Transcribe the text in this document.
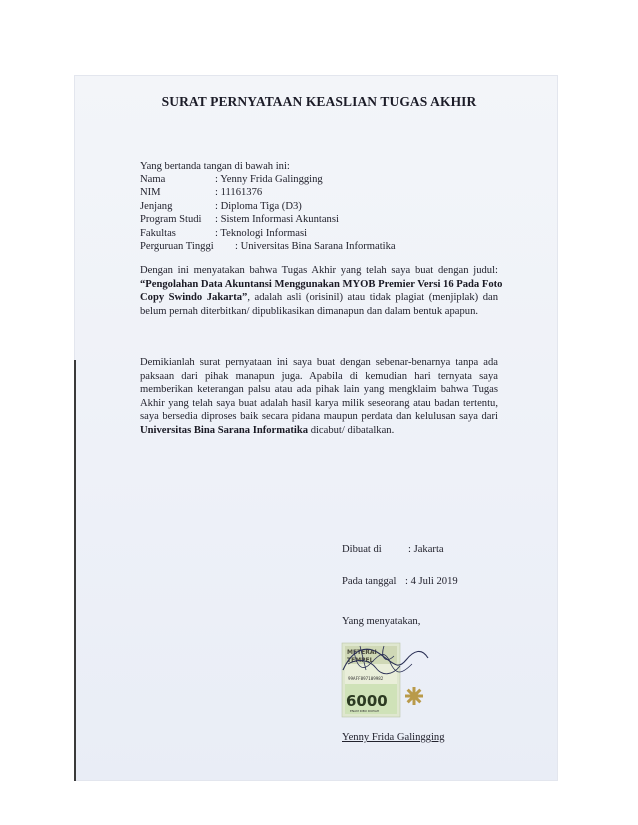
SURAT PERNYATAAN KEASLIAN TUGAS AKHIR
Yang bertanda tangan di bawah ini:
Nama	: Yenny Frida Galingging
NIM	: 11161376
Jenjang	: Diploma Tiga (D3)
Program Studi : Sistem Informasi Akuntansi
Fakultas	: Teknologi Informasi
Perguruan Tinggi : Universitas Bina Sarana Informatika
Dengan ini menyatakan bahwa Tugas Akhir yang telah saya buat dengan judul:
“Pengolahan Data Akuntansi Menggunakan MYOB Premier Versi 16 Pada Foto
Copy Swindo Jakarta”, adalah asli (orisinil) atau tidak plagiat (menjiplak) dan
belum pernah diterbitkan/ dipublikasikan dimanapun dan dalam bentuk apapun.
Demikianlah surat pernyataan ini saya buat dengan sebenar-benarnya tanpa ada
paksaan dari pihak manapun juga. Apabila di kemudian hari ternyata saya
memberikan keterangan palsu atau ada pihak lain yang mengklaim bahwa Tugas
Akhir yang telah saya buat adalah hasil karya milik seseorang atau badan tertentu,
saya bersedia diproses baik secara pidana maupun perdata dan kelulusan saya dari
Universitas Bina Sarana Informatika dicabut/ dibatalkan.
Dibuat di : Jakarta
Pada tanggal : 4 Juli 2019
Yang menyatakan,
METERAI
TEMPEL
99AFF897109982
6000
ENAM RIBU RUPIAH
Yenny Frida Galingging
